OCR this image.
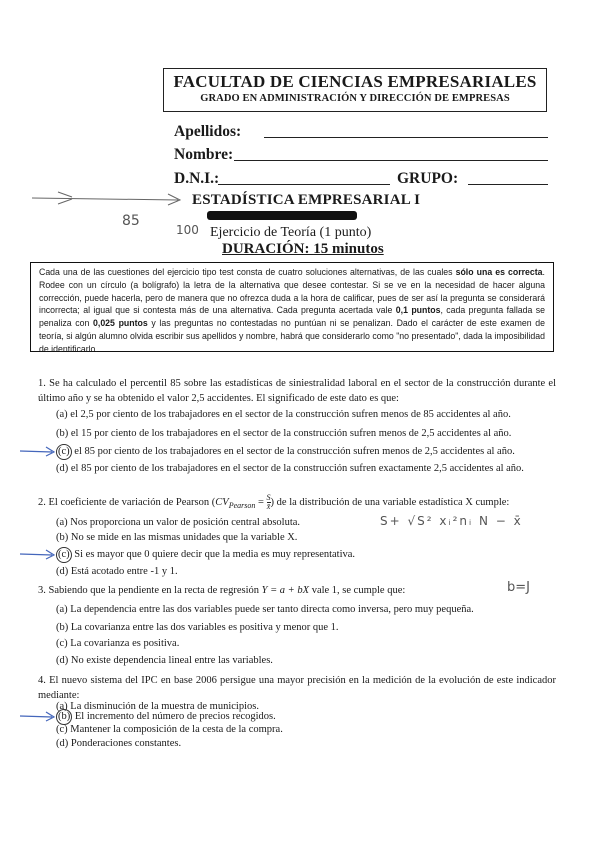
FACULTAD DE CIENCIAS EMPRESARIALES
GRADO EN ADMINISTRACIÓN Y DIRECCIÓN DE EMPRESAS
Apellidos:
Nombre:
D.N.I.:	GRUPO:
85
100
ESTADÍSTICA EMPRESARIAL I
Ejercicio de Teoría (1 punto)
DURACIÓN: 15 minutos
Cada una de las cuestiones del ejercicio tipo test consta de cuatro soluciones alternativas, de las cuales sólo una es correcta. Rodee con un círculo (a bolígrafo) la letra de la alternativa que desee contestar. Si se ve en la necesidad de hacer alguna corrección, puede hacerla, pero de manera que no ofrezca duda a la hora de calificar, pues de ser así la pregunta se considerará incorrecta; al igual que si contesta más de una alternativa. Cada pregunta acertada vale 0,1 puntos, cada pregunta fallada se penaliza con 0,025 puntos y las preguntas no contestadas no puntúan ni se penalizan. Dado el carácter de este examen de teoría, si algún alumno olvida escribir sus apellidos y nombre, habrá que considerarlo como "no presentado", dada la imposibilidad de identificarlo.
1. Se ha calculado el percentil 85 sobre las estadísticas de siniestralidad laboral en el sector de la construcción durante el último año y se ha obtenido el valor 2,5 accidentes. El significado de este dato es que:
(a) el 2,5 por ciento de los trabajadores en el sector de la construcción sufren menos de 85 accidentes al año.
(b) el 15 por ciento de los trabajadores en el sector de la construcción sufren menos de 2,5 accidentes al año.
(c) el 85 por ciento de los trabajadores en el sector de la construcción sufren menos de 2,5 accidentes al año.
(d) el 85 por ciento de los trabajadores en el sector de la construcción sufren exactamente 2,5 accidentes al año.
2. El coeficiente de variación de Pearson ($CV_{Pearson} = \frac{S}{x̄}$ ) de la distribución de una variable estadística X cumple:
(a) Nos proporciona un valor de posición central absoluta.
(b) No se mide en las mismas unidades que la variable X.
(c) Si es mayor que 0 quiere decir que la media es muy representativa.
(d) Está acotado entre -1 y 1.
S+ √S² xᵢ²nᵢ N − x̄
3. Sabiendo que la pendiente en la recta de regresión Y = a + bX vale 1, se cumple que:	b=J
(a) La dependencia entre las dos variables puede ser tanto directa como inversa, pero muy pequeña.
(b) La covarianza entre las dos variables es positiva y menor que 1.
(c) La covarianza es positiva.
(d) No existe dependencia lineal entre las variables.
4. El nuevo sistema del IPC en base 2006 persigue una mayor precisión en la medición de la evolución de este indicador mediante:
(a) La disminución de la muestra de municipios.
(b) El incremento del número de precios recogidos.
(c) Mantener la composición de la cesta de la compra.
(d) Ponderaciones constantes.
